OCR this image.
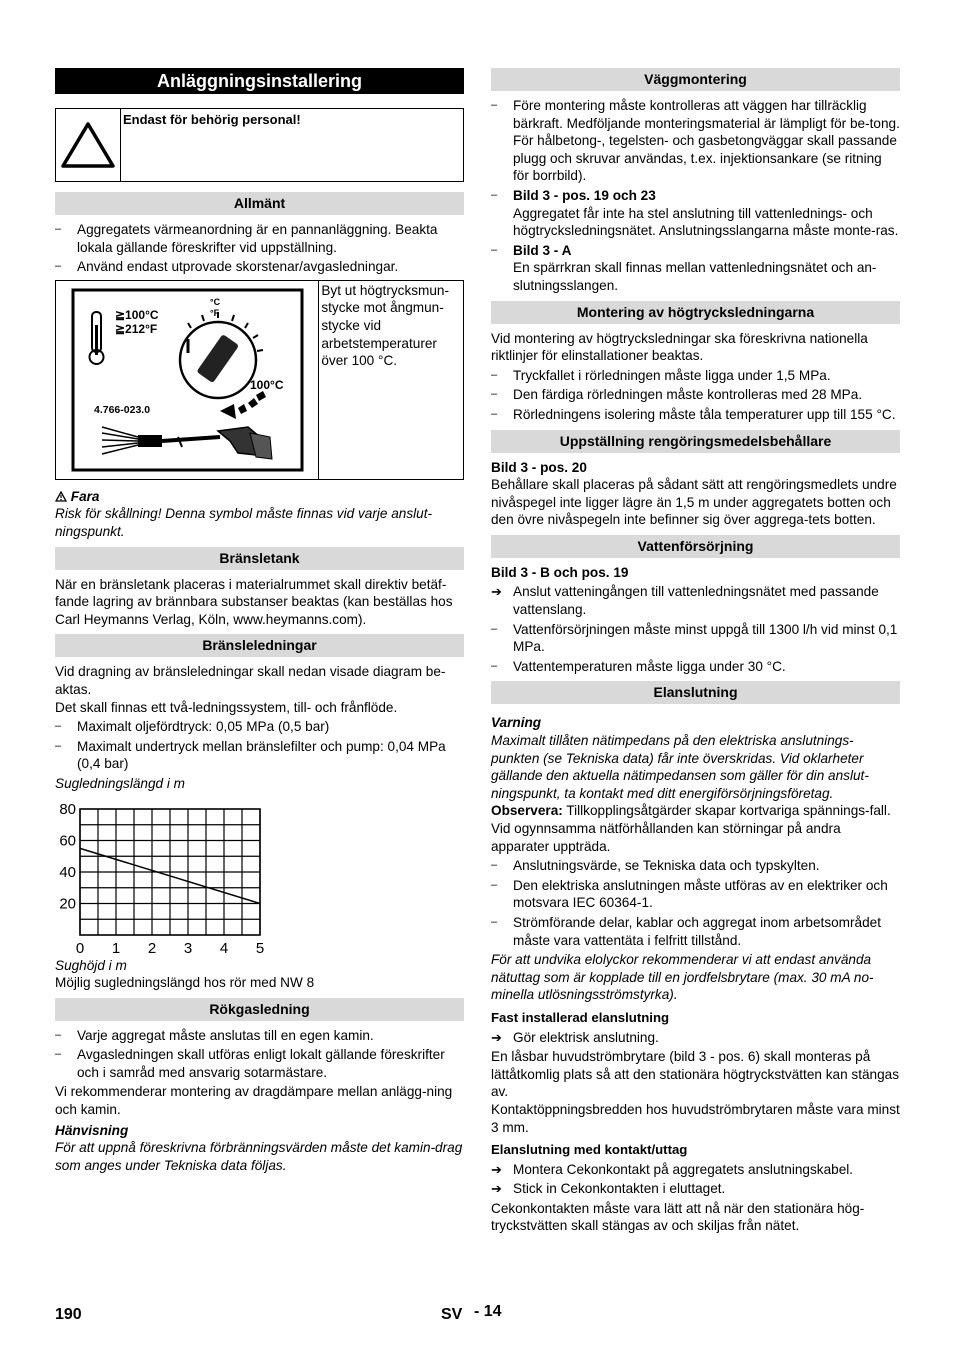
Anläggningsinstallering
Endast för behörig personal!
Allmänt
– Aggregatets värmeanordning är en pannanläggning. Beakta lokala gällande föreskrifter vid uppställning.
– Använd endast utprovade skorstenar/avgasledningar.
≧100°C
≧212°F
°C
°F
100°C
4.766-023.0
Byt ut högtrycksmun-stycke mot ångmun-stycke vid arbetstemperaturer över 100 °C.

Fara

Risk för skållning! Denna symbol måste finnas vid varje anslut-ningspunkt.

Bränsletank

När en bränsletank placeras i materialrummet skall direktiv betäf-fande lagring av brännbara substanser beaktas (kan beställas hos Carl Heymanns Verlag, Köln, www.heymanns.com).

Bränsleledningar

Vid dragning av bränsleledningar skall nedan visade diagram be-aktas.

Det skall finnas ett två-ledningssystem, till- och frånflöde.

– Maximalt oljefördtryck: 0,05 MPa (0,5 bar)
– Maximalt undertryck mellan bränslefilter och pump: 0,04 MPa (0,4 bar)

Sugledningslängd i m

0 1 2 3 4 5
20
40
60
80

Sughöjd i m

Möjlig sugledningslängd hos rör med NW 8

Rökgasledning
– Varje aggregat måste anslutas till en egen kamin.
– Avgasledningen skall utföras enligt lokalt gällande föreskrifter och i samråd med ansvarig sotarmästare.

Vi rekommenderar montering av dragdämpare mellan anlägg-ning och kamin.

Hänvisning

För att uppnå föreskrivna förbränningsvärden måste det kamin-drag som anges under Tekniska data följas.

Väggmontering
– Före montering måste kontrolleras att väggen har tillräcklig bärkraft. Medföljande monteringsmaterial är lämpligt för be-tong. För hålbetong-, tegelsten- och gasbetongväggar skall passande plugg och skruvar användas, t.ex. injektionsankare (se ritning för borrbild).
– Bild 3 - pos. 19 och 23
Aggregatet får inte ha stel anslutning till vattenlednings- och högtrycksledningsnätet. Anslutningsslangarna måste monte-ras.
– Bild 3 - A
En spärrkran skall finnas mellan vattenledningsnätet och an-slutningsslangen.
Montering av högtrycksledningarna

Vid montering av högtrycksledningar ska föreskrivna nationella riktlinjer för elinstallationer beaktas.

– Tryckfallet i rörledningen måste ligga under 1,5 MPa.
– Den färdiga rörledningen måste kontrolleras med 28 MPa.
– Rörledningens isolering måste tåla temperaturer upp till 155 °C.
Uppställning rengöringsmedelsbehållare

Bild 3 - pos. 20

Behållare skall placeras på sådant sätt att rengöringsmedlets undre nivåspegel inte ligger lägre än 1,5 m under aggregatets botten och den övre nivåspegeln inte befinner sig över aggrega-tets botten.

Vattenförsörjning

Bild 3 - B och pos. 19

➔ Anslut vatteningången till vattenledningsnätet med passande vattenslang.
– Vattenförsörjningen måste minst uppgå till 1300 l/h vid minst 0,1 MPa.
– Vattentemperaturen måste ligga under 30 °C.
Elanslutning

Varning

Maximalt tillåten nätimpedans på den elektriska anslutnings-punkten (se Tekniska data) får inte överskridas. Vid oklarheter gällande den aktuella nätimpedansen som gäller för din anslut-ningspunkt, ta kontakt med ditt energiförsörjningsföretag.

Observera: Tillkopplingsåtgärder skapar kortvariga spännings-fall. Vid ogynnsamma nätförhållanden kan störningar på andra apparater uppträda.

– Anslutningsvärde, se Tekniska data och typskylten.
– Den elektriska anslutningen måste utföras av en elektriker och motsvara IEC 60364-1.
– Strömförande delar, kablar och aggregat inom arbetsområdet måste vara vattentäta i felfritt tillstånd.

För att undvika elolyckor rekommenderar vi att endast använda nätuttag som är kopplade till en jordfelsbrytare (max. 30 mA no-minella utlösningsströmstyrka).

Fast installerad elanslutning

➔ Gör elektrisk anslutning.

En låsbar huvudströmbrytare (bild 3 - pos. 6) skall monteras på lättåtkomlig plats så att den stationära högtryckstvätten kan stängas av.

Kontaktöppningsbredden hos huvudströmbrytaren måste vara minst 3 mm.

Elanslutning med kontakt/uttag

➔ Montera Cekonkontakt på aggregatets anslutningskabel.
➔ Stick in Cekonkontakten i eluttaget.

Cekonkontakten måste vara lätt att nå när den stationära hög-tryckstvätten skall stängas av och skiljas från nätet.

190	SV - 14
